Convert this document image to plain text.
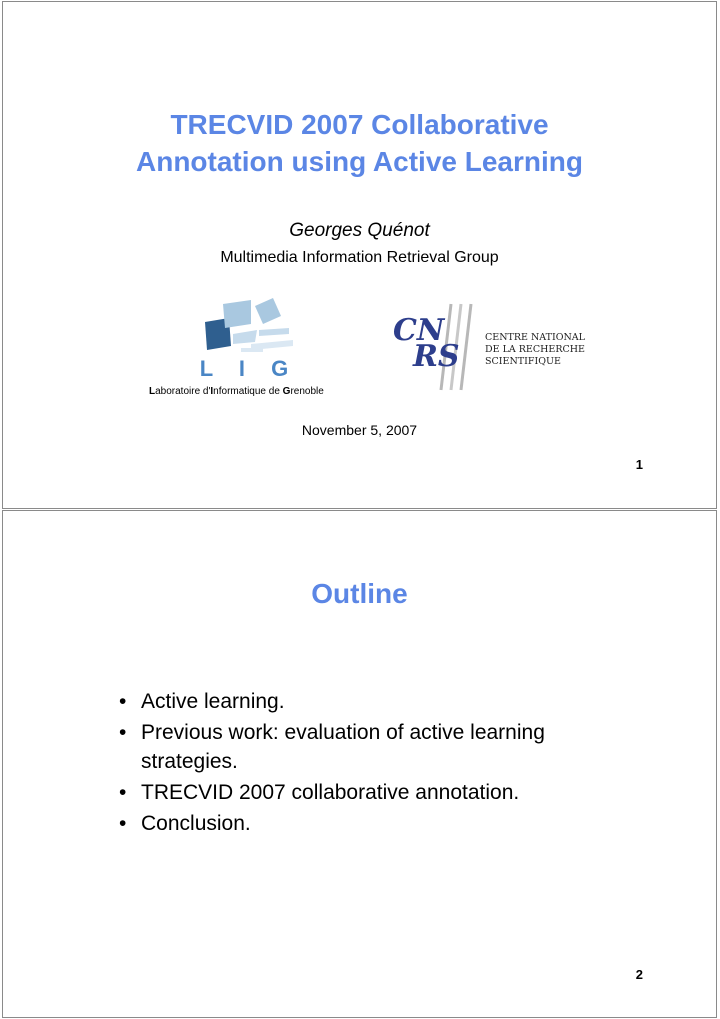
TRECVID 2007 Collaborative
Annotation using Active Learning
Georges Quénot
Multimedia Information Retrieval Group
L I G
Laboratoire d'Informatique de Grenoble
CN
RS
CENTRE NATIONAL
DE LA RECHERCHE
SCIENTIFIQUE
November 5, 2007
1
Outline
• Active learning.
• Previous work: evaluation of active learning strategies.
• TRECVID 2007 collaborative annotation.
• Conclusion.
2
